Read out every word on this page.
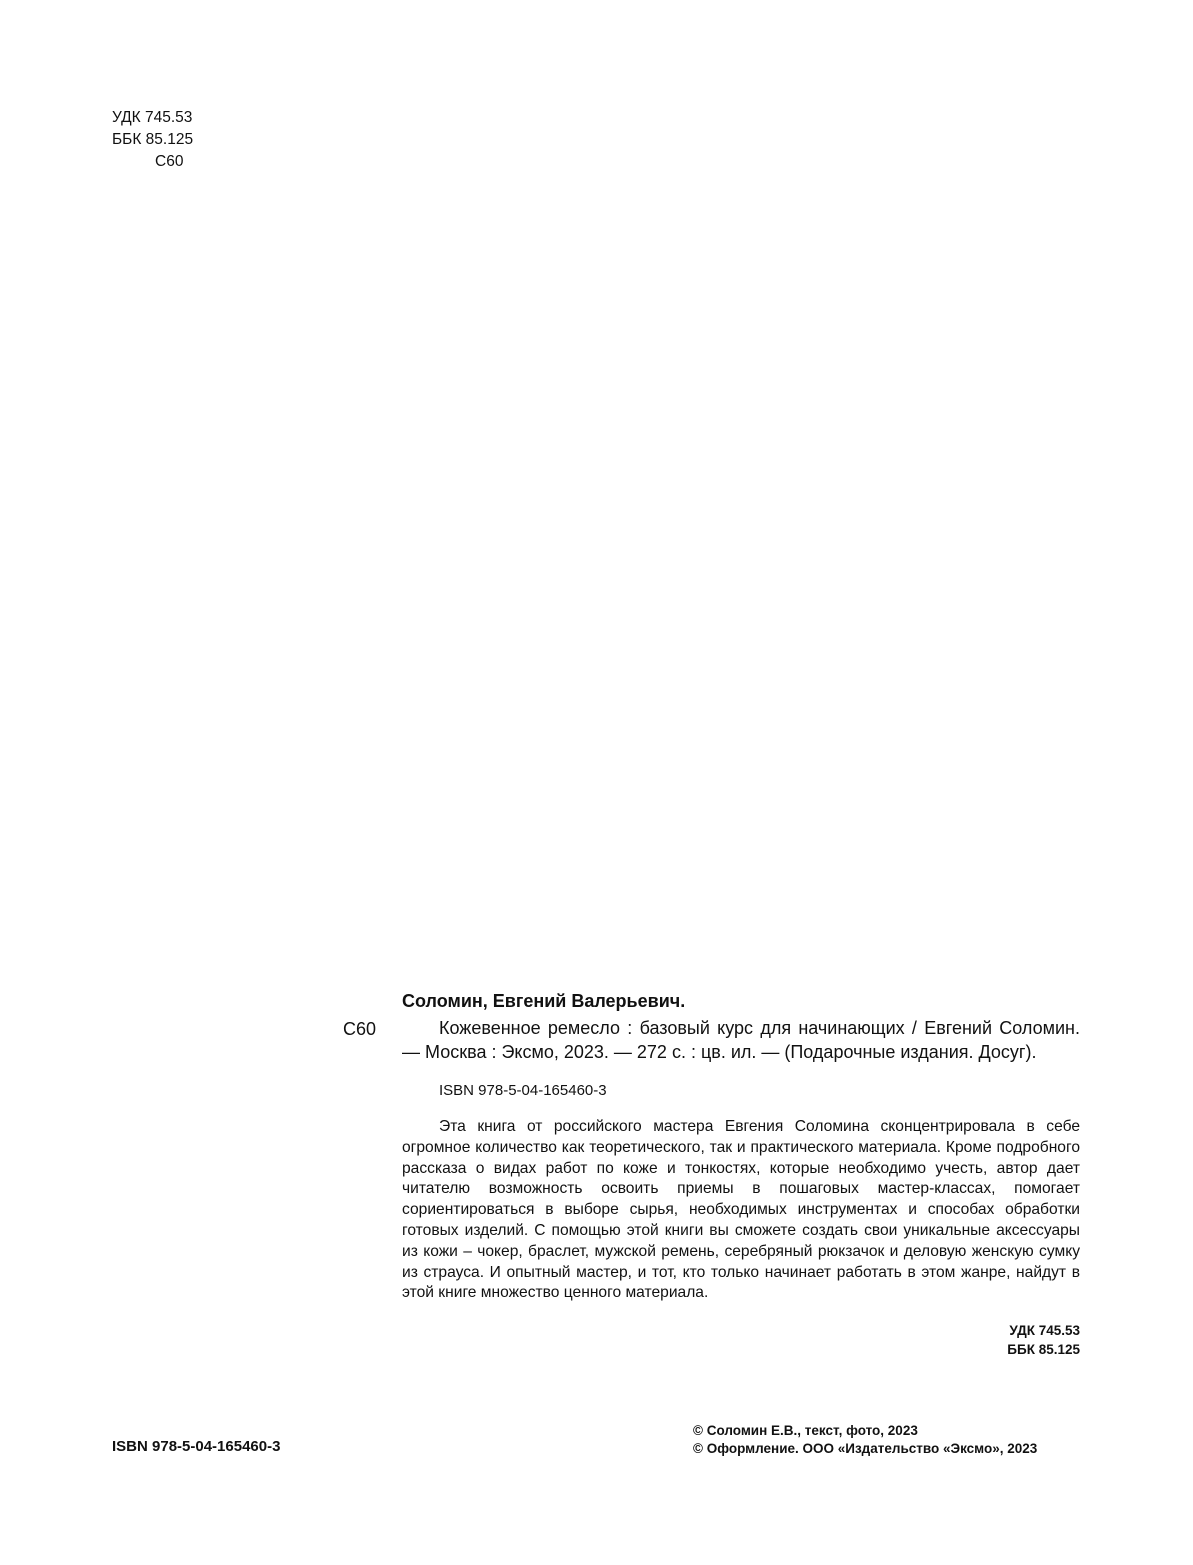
УДК 745.53
ББК 85.125
С60
С60

Соломин, Евгений Валерьевич.

Кожевенное ремесло : базовый курс для начинающих / Евгений Соломин. — Москва : Эксмо, 2023. — 272 с. : цв. ил. — (Подарочные издания. Досуг).

ISBN 978-5-04-165460-3

Эта книга от российского мастера Евгения Соломина сконцентрировала в себе огромное количество как теоретического, так и практического материала. Кроме подробного рассказа о видах работ по коже и тонкостях, которые необходимо учесть, автор дает читателю возможность освоить приемы в пошаговых мастер-классах, помогает сориентироваться в выборе сырья, необходимых инструментах и способах обработки готовых изделий. С помощью этой книги вы сможете создать свои уникальные аксессуары из кожи – чокер, браслет, мужской ремень, серебряный рюкзачок и деловую женскую сумку из страуса. И опытный мастер, и тот, кто только начинает работать в этом жанре, найдут в этой книге множество ценного материала.

УДК 745.53
ББК 85.125
ISBN 978-5-04-165460-3
© Соломин Е.В., текст, фото, 2023
© Оформление. ООО «Издательство «Эксмо», 2023
